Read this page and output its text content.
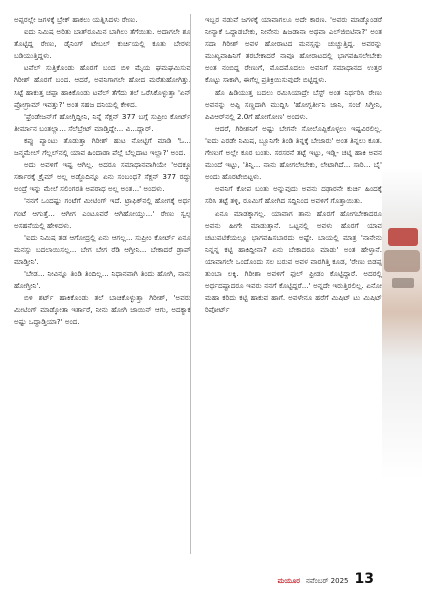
ಅಪ್ಪರಲ್ಲೇ ಜಗಳಕ್ಕೆ ಬ್ರೇಕ್ ಹಾಕಲು ಯತ್ನಿಸಿದಳು ರೇಣು.

ಐದು ನಿಮಿಷ ಅರಿತು ಬಾತ್‌ರೂಮಿನ ಬಾಗಿಲು ತೆಗೆಯಿತು. ಅದಾಗಲೇ ಶೂ ತೊಟ್ಟಿದ್ದ ರೇಣು, ಡೈನಿಂಗ್ ಟೇಬಲ್ ಕುರ್ಚಿಯಲ್ಲಿ ಕೂತು ಬೇರಳು ಬಡಿಯುತ್ತಿದ್ದಳು.

ಟವೆಲ್ ಸುತ್ತಿಕೊಂಡು ಹೊರಗೆ ಬಂದ ಬಿಳಿ ಮೈಯ ಘಮಘಮಿಸುವ ಗಿರೀಶ್ ಹೊರಗೆ ಬಂದ. ಆದರೆ, ಅವನಿಗಾಗಲೇ ಹೋದ ಮರೆತುಹೋಗಿತ್ತು. ಸಿಟ್ಟೆ ಹಾಕುತ್ತ ಚಪ್ಪಾ ಹಾಕಿಕೊಂಡು ಟವೆಲ್ ತೆಗೆದು ತಲೆ ಒರೆಸಿಕೊಳ್ಳುತ್ತಾ 'ಏನ್ ಪ್ರೋಗ್ರಾಮ್ ಇವತ್ತು?' ಅಂತ ಸಹಜ ದನಿಯಲ್ಲಿ ಕೇಳಿದ.

'ಫ್ರೆಂಡೇಜನ್‌ಗೆ ಹೋಗ್ತಿದ್ದೀನಿ, ನಿನ್ನೆ ಸೆಕ್ಷನ್ 377 ಬಗ್ಗೆ ಸುಪ್ರೀಂ ಕೋರ್ಟ್ ತೀರ್ಮಾನ ಬಂತಲ್ಲಾ... ಸೆಲೆಬ್ರೇಟ್ ಮಾಡ್ತಿದ್ದೇ... ವಿ...ದ್ಲಾರ್.

ಕಪ್ಪು ಪ್ಯಾಂಟು ತೊಡುತ್ತಾ ಗಿರೀಶ್ ಹುಟ ನೋಟ್ಟಿಗೆ ಮಾಡಿ 'ಓ... ಜನ್ಮಮೇಲ್ ಗೆಲ್ಲಲ್‌ನಲ್ಲಿ ಯಾವ ಹಿಂದಾಡಾ ಪೆಲ್ಲೆ ಬೆಲ್ಲದಾಟ ಇಲ್ಲಾ?' ಅಂದ.

ಅದು ಅವಳಿಗೆ ಇಷ್ಟ ಆಗಿಲ್ಲ. ಅದರೂ ಸಮಾಧಾನವಾಗಿಯೇ 'ಅದಕ್ಕೂ ಸರ್ಕಾರಕ್ಕೆ ಕ್ರೈಮ್ ಅಲ್ಲ ಅಡ್ಜೊದಿನ್ನೂ ಏನು ಸಂಬಂಧ? ಸೆಕ್ಷನ್ 377 ರದ್ದು ಅಂದ್ರೆ ಇನ್ನು ಮೇಲೆ ಸಲಿಂಗರತಿ ಅಪರಾಧ ಅಲ್ಲ ಅಂತ...' ಅಂದಳು.

'ನನಗೆ ಒಂದಷ್ಟು ಗಂಟೆಗೆ ಮೀಟಿಂಗ್ ಇದೆ. ಟ್ರಾಫಿಕ್‌ನಲ್ಲಿ ಹೋಗಕ್ಕೆ ಅರ್ಧ ಗಂಟೆ ಆಗುತ್ತೆ... ಆಗೀಗ ಎಂಟೂವರೆ ಆಗಿಹೋಯ್ತು...' ರೇಣು ಸ್ವಲ್ಪ ಅಸಹನೆಯಲ್ಲಿ ಹೇಳಿದಳು.

'ಐದು ನಿಮಿಷ ತಡ ಆಗೋದ್ರಲ್ಲಿ ಏನು ಆಗಲ್ಲ... ಸುಪ್ರೀಂ ಕೋರ್ಟ್ ಏನೂ ಮನಸ್ಸು ಬದಲಾಯಿಸಲ್ಲ... ಬೇಗ ಬೇಗ ರೆಡಿ ಆಗ್ತೀನಿ... ಬೇಕಾದರೆ ಡ್ರಾಪ್ ಮಾಡ್ತೀನಿ'.

'ಬೇಡ... ನೀವಿನ್ನೂ ತಿಂಡಿ ತಿಂದಿಲ್ಲ... ನಿಧಾನವಾಗಿ ತಿಂದು ಹೋಗಿ, ನಾನು ಹೋಗ್ತೀನಿ'.

ಬಿಳಿ ಶರ್ಟ್ ಹಾಕಿಕೊಂಡು ತಲೆ ಬಾಚಿಕೊಳ್ಳುತ್ತಾ ಗಿರೀಶ್, 'ಅವರು ಮೀಟಿಂಗ್ ಮಾಡ್ಕೋತಾ ಇರ್ತಾರೆ, ನೀನು ಹೋಗಿ ಜಾಯಿನ್ ಆಗು, ಅದಕ್ಯಾಕೆ ಅಷ್ಟು ಒದ್ದಾಡ್ತಿಯಾ?' ಅಂದ.

ಇಬ್ಬರ ನಡುವೆ ಜಗಳಕ್ಕೆ ಯಾವಾಗಲೂ ಅದೇ ಕಾರಣ. 'ಅವರು ಮಾಡ್ಕೊಂಡರೆ ನೀನ್ಯಾಕೆ ಒದ್ದಾಡಬೇಕು, ನೀನೇನು ಹಿಜಡಾನಾ ಅಥವಾ ಎಲ್‌ಜಿಬಿಟಿನಾ?' ಅಂತ ಸದಾ ಗಿರೀಶ್ ಅವಳ ಹೋರಾಟದ ಮನಸ್ಸನ್ನು ಚುಚ್ಚುತ್ತಿದ್ದ. ಅವರನ್ನು ಮುಖ್ಯವಾಹಿನಿಗೆ ತರಬೇಕಾದರೆ ನಾವೂ ಹೋರಾಟದಲ್ಲಿ ಭಾಗವಹಿಸಲೇಬೇಕು ಅಂತ ನಂಬಿದ್ದ ರೇಣುಗೆ, ಮೊದಮೊದಲು ಅವನಿಗೆ ಸಮಾಧಾನದ ಉತ್ತರ ಕೊಟ್ಟು ಸಾಕಾಗಿ, ಈಗೆಲ್ಲ ಪ್ರತಿಕ್ರಿಯಿಸುವುದೇ ಬಿಟ್ಟಿದ್ದಳು.

ಹೊ ಹಿಡಿಯುತ್ತ ಬದಲು ರಮಿಸಿಯಾದ್ರೇ ಬೆಸ್ಟ್ ಅಂತ ನಿರ್ಧರಿಸಿ ರೇಣು ಅವನನ್ನು ಅಪ್ಪಿ ಸಣ್ಣದಾಗಿ ಮುದ್ದಿಸಿ 'ಹೋಗ್ಬರ್ತೀನಿ ಜಾನಿ, ಸಂಜೆ ಸಿಗ್ತೀನಿ, ಪಿವಿಆರ್‌ನಲ್ಲಿ 2.0ಗೆ ಹೋಗೋಣ' ಅಂದಳು.

ಆದರೆ, ಗಿರೀಶನಿಗೆ ಅಷ್ಟು ಬೇಗನೇ ಸೋಲೊಪ್ಪಿಕೊಳ್ಳಲು ಇಷ್ಟವಿರಲಿಲ್ಲ. 'ಐದು ಎರಡೇ ನಿಮಿಷ, ಬ್ಬೂನಿಗೇ ತಿಂಡಿ ತಿನ್ನಕ್ಕೆ ಬೇಜಾರು' ಅಂತ ತಿನ್ನಲು ಕೂತ. ಗೇಣುಗೆ ಅಲ್ಲೇ ಕೂರ ಬಂತು. ಸರಸರನೆ ತಟ್ಟೆ ಇಟ್ಟು, ಇಡ್ಲಿ- ಚಟ್ನಿ ಹಾಕಿ ಅವನ ಮುಂದೆ ಇಟ್ಟು, 'ತಿನ್ನಿ... ನಾನು ಹೋಗಲೇಬೇಕು, ಲೇಟಾಗಿದೆ... ಸಾರಿ... ಬೈ' ಅಂದು ಹೊರಟೇಬಿಟ್ಟಳು.

ಅವನಿಗೆ ಕೋಪ ಬಂತು ಅನ್ನುವುದು ಅವನು ದಢಾರನೇ ಕುರ್ಚಿ ಹಿಂದಕ್ಕೆ ಸರಿಸಿ ತಟ್ಟೆ ತಳ್ಳಿ, ರೂಮಿಗೆ ಹೋಗಿದ ಸದ್ದಿನಿಂದ ಅವಳಿಗೆ ಗೊತ್ತಾಯಿತು.

ಏನೂ ಮಾಡಕ್ಕಾಗಲ್ಲ. ಯಾವಾಗ ತಾನು ಹೊರಗೆ ಹೋಗಬೇಕಾದರೂ ಅವನು ಹೀಗೇ ಮಾಡುತ್ತಾನೆ. ಒಟ್ಟನಲ್ಲಿ ಅವಳು ಹೊರಗೆ ಯಾವ ಚಟುವಟಿಕೆಯಲ್ಲೂ ಭಾಗವಹಿಸಬಾರದು ಅಷ್ಟೇ. ಬಾಯಲ್ಲಿ ಮಾತ್ರ 'ನಾನೇನು ನಿನ್ನನ್ನ ಕಟ್ಟಿ ಹಾಕಿದ್ದೀನಾ? ಏನು ಬೇಕಾದರೂ ಮಾಡು' ಅಂತ ಹೇಳ್ತಾನೆ. ಯಾವಾಗಲೇ ಒಂದೊಂದು ಸಲ ಬರುವ ಅವಳ ವಾರಗಿತ್ತಿ ಕೂಡ, 'ರೇಣು ಬಿಡಪ್ಪ ತುಂಬಾ ಲಕ್ಕಿ. ಗಿರೀಶಾ ಅವಳಿಗೆ ಫುಲ್ ಫ್ರೀಡಂ ಕೊಟ್ಟಿದ್ದಾರೆ. ಅದರಲ್ಲಿ ಅರ್ಧದಷ್ಟಾದರೂ ಇವರು ನನಗೆ ಕೊಟ್ಟಿದ್ದರೆ...' ಅನ್ನದೇ ಇರುತ್ತಿರಲಿಲ್ಲ. ಏನೋ ಮಹಾ ಕರಿದು ಕಟ್ಟಿ ಹಾಕುವ ಹಾಗೆ. ಅವಳೇನೂ ಹರೆಗೆ ಮಿಷಿಟ್ ಟು ಮಿಷಿಟ್ ರಿಪೋರ್ಟ್

ಮಯೂರ ನವೆಂಬರ್ 2025 13
